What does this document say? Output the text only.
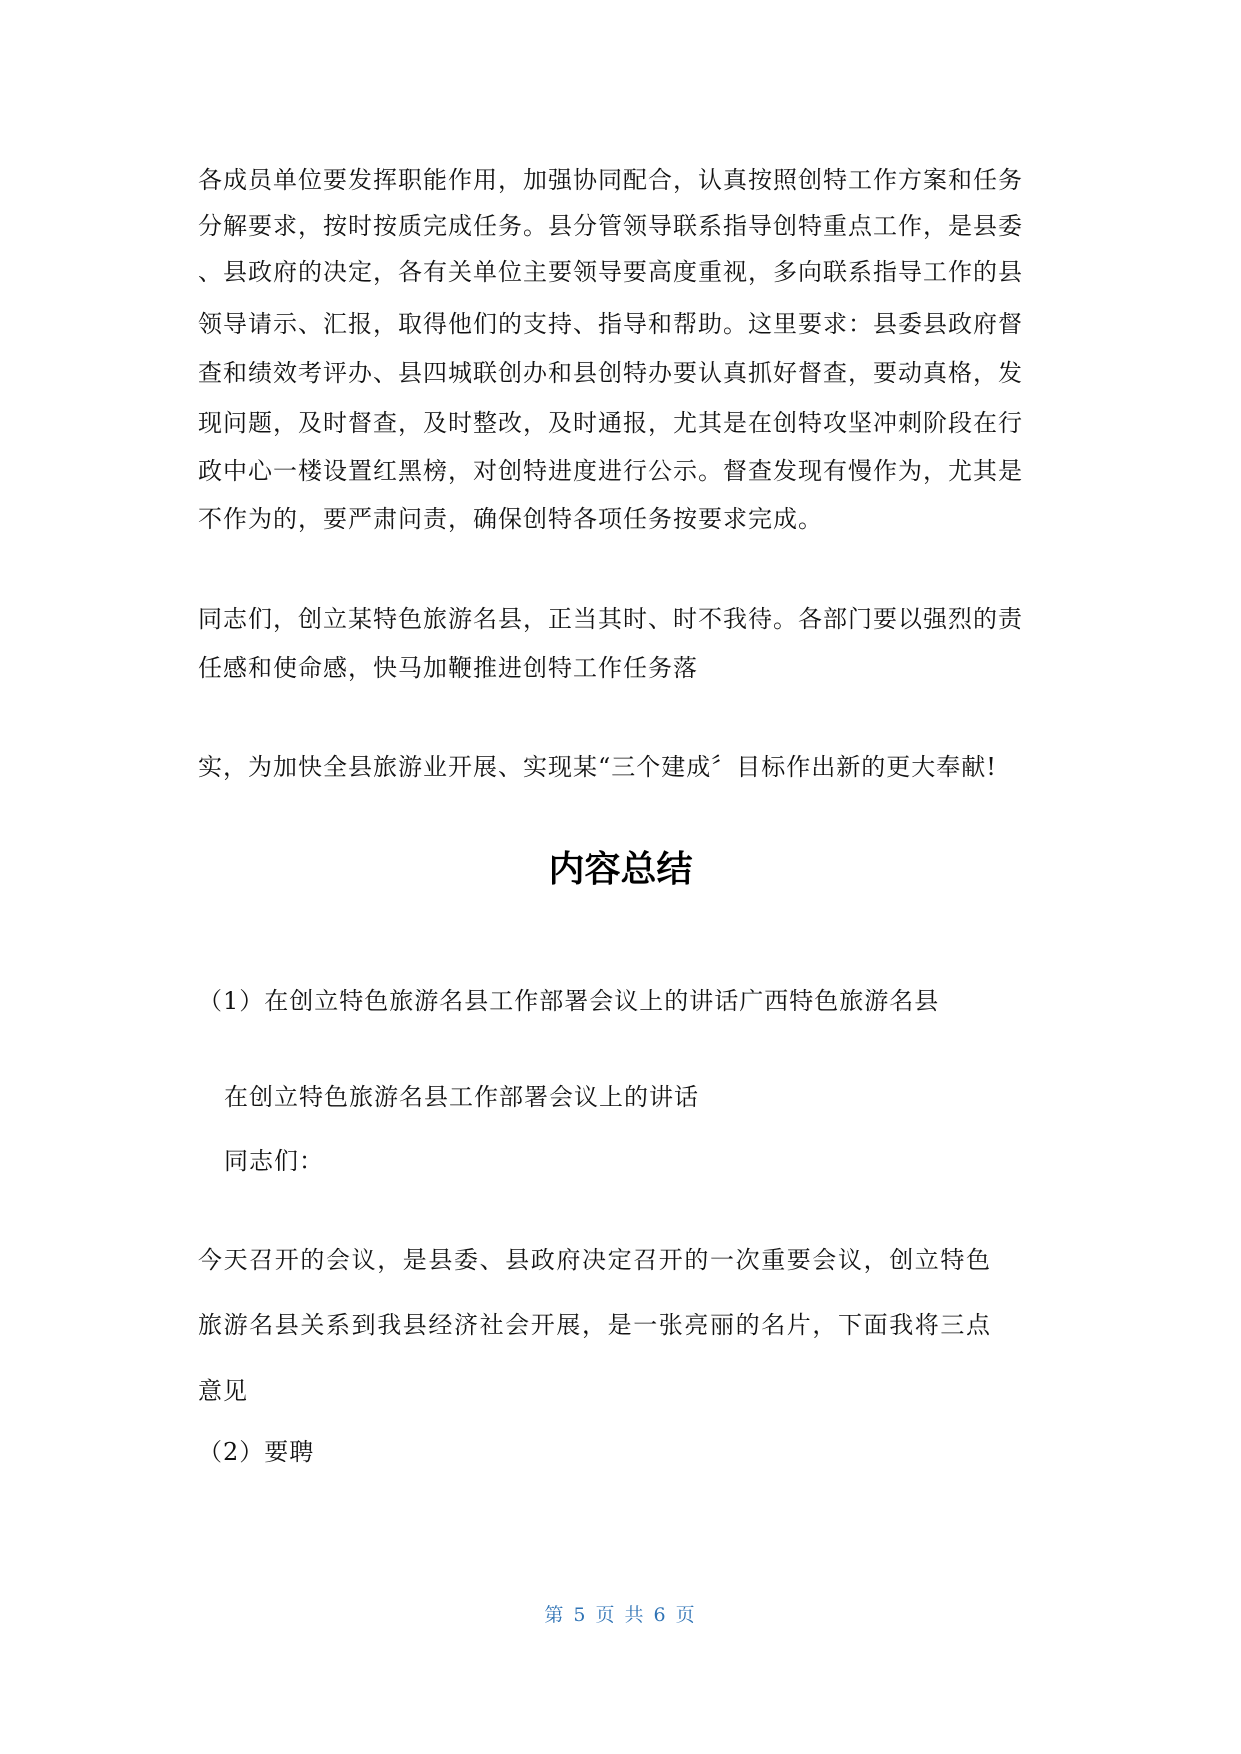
各成员单位要发挥职能作用，加强协同配合，认真按照创特工作方案和任务
分解要求，按时按质完成任务。县分管领导联系指导创特重点工作，是县委
、县政府的决定，各有关单位主要领导要高度重视，多向联系指导工作的县
领导请示、汇报，取得他们的支持、指导和帮助。这里要求：县委县政府督
查和绩效考评办、县四城联创办和县创特办要认真抓好督查，要动真格，发
现问题，及时督查，及时整改，及时通报，尤其是在创特攻坚冲刺阶段在行
政中心一楼设置红黑榜，对创特进度进行公示。督查发现有慢作为，尤其是
不作为的，要严肃问责，确保创特各项任务按要求完成。
同志们，创立某特色旅游名县，正当其时、时不我待。各部门要以强烈的责
任感和使命感，快马加鞭推进创特工作任务落
实，为加快全县旅游业开展、实现某“三个建成〞目标作出新的更大奉献!
内容总结
（1）在创立特色旅游名县工作部署会议上的讲话广西特色旅游名县
在创立特色旅游名县工作部署会议上的讲话
同志们：
今天召开的会议，是县委、县政府决定召开的一次重要会议，创立特色
旅游名县关系到我县经济社会开展，是一张亮丽的名片，下面我将三点
意见
（2）要聘
第 5 页 共 6 页
